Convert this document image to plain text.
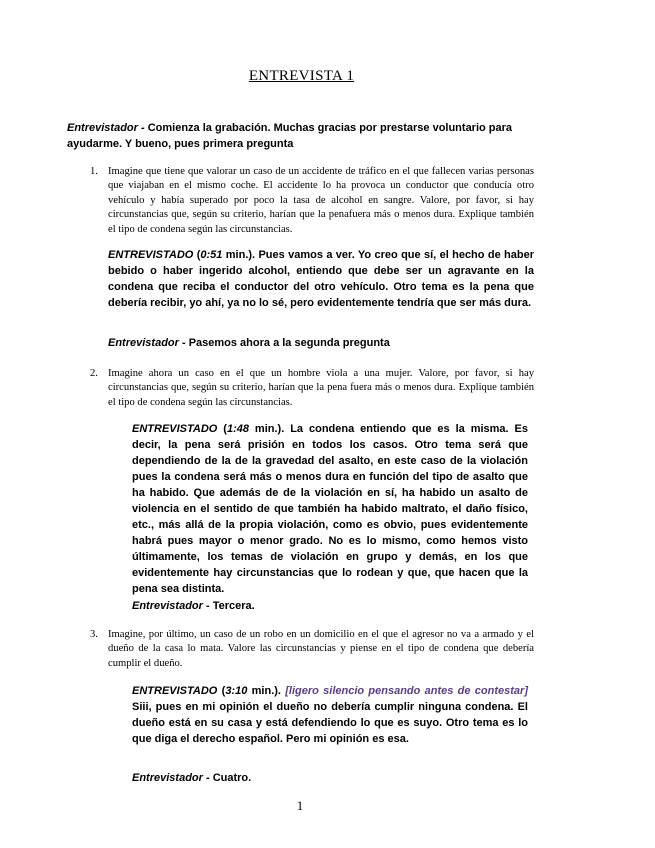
ENTREVISTA 1
Entrevistador - Comienza la grabación. Muchas gracias por prestarse voluntario para ayudarme. Y bueno, pues primera pregunta
1. Imagine que tiene que valorar un caso de un accidente de tráfico en el que fallecen varias personas que viajaban en el mismo coche. El accidente lo ha provoca un conductor que conducía otro vehículo y había superado por poco la tasa de alcohol en sangre. Valore, por favor, si hay circunstancias que, según su criterio, harían que la penafuera más o menos dura. Explique también el tipo de condena según las circunstancias.
ENTREVISTADO (0:51 min.). Pues vamos a ver. Yo creo que sí, el hecho de haber bebido o haber ingerido alcohol, entiendo que debe ser un agravante en la condena que reciba el conductor del otro vehículo. Otro tema es la pena que debería recibir, yo ahí, ya no lo sé, pero evidentemente tendría que ser más dura.
Entrevistador - Pasemos ahora a la segunda pregunta
2. Imagine ahora un caso en el que un hombre viola a una mujer. Valore, por favor, si hay circunstancias que, según su criterio, harían que la pena fuera más o menos dura. Explique también el tipo de condena según las circunstancias.
ENTREVISTADO (1:48 min.). La condena entiendo que es la misma. Es decir, la pena será prisión en todos los casos. Otro tema será que dependiendo de la de la gravedad del asalto, en este caso de la violación pues la condena será más o menos dura en función del tipo de asalto que ha habido. Que además de de la violación en sí, ha habido un asalto de violencia en el sentido de que también ha habido maltrato, el daño físico, etc., más allá de la propia violación, como es obvio, pues evidentemente habrá pues mayor o menor grado. No es lo mismo, como hemos visto últimamente, los temas de violación en grupo y demás, en los que evidentemente hay circunstancias que lo rodean y que, que hacen que la pena sea distinta.
Entrevistador - Tercera.
3. Imagine, por último, un caso de un robo en un domicilio en el que el agresor no va a armado y el dueño de la casa lo mata. Valore las circunstancias y piense en el tipo de condena que debería cumplir el dueño.
ENTREVISTADO (3:10 min.). [ligero silencio pensando antes de contestar] Siii, pues en mi opinión el dueño no debería cumplir ninguna condena. El dueño está en su casa y está defendiendo lo que es suyo. Otro tema es lo que diga el derecho español. Pero mi opinión es esa.
Entrevistador - Cuatro.
1
